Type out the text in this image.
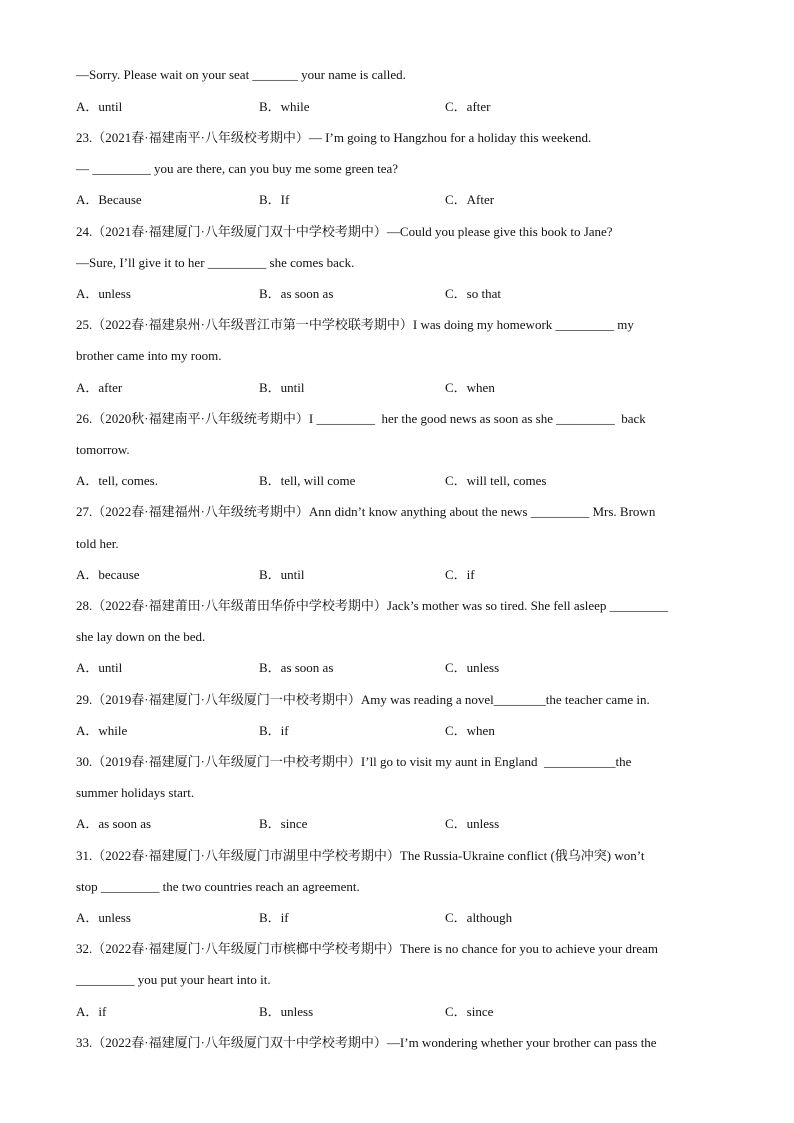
—Sorry. Please wait on your seat _______ your name is called.
A．until	B．while	C．after
23.（2021春·福建南平·八年级校考期中）— I’m going to Hangzhou for a holiday this weekend.
— _________ you are there, can you buy me some green tea?
A．Because	B．If	C．After
24.（2021春·福建厦门·八年级厦门双十中学校考期中）—Could you please give this book to Jane?
—Sure, I’ll give it to her _________ she comes back.
A．unless	B．as soon as	C．so that
25.（2022春·福建泉州·八年级晋江市第一中学校联考期中）I was doing my homework _________ my
brother came into my room.
A．after	B．until	C．when
26.（2020秋·福建南平·八年级统考期中）I _________  her the good news as soon as she _________  back
tomorrow.
A．tell, comes.	B．tell, will come	C．will tell, comes
27.（2022春·福建福州·八年级统考期中）Ann didn’t know anything about the news _________ Mrs. Brown
told her.
A．because	B．until	C．if
28.（2022春·福建莆田·八年级莆田华侨中学校考期中）Jack’s mother was so tired. She fell asleep _________
she lay down on the bed.
A．until	B．as soon as	C．unless
29.（2019春·福建厦门·八年级厦门一中校考期中）Amy was reading a novel________the teacher came in.
A．while	B．if	C．when
30.（2019春·福建厦门·八年级厦门一中校考期中）I’ll go to visit my aunt in England  ___________the
summer holidays start.
A．as soon as	B．since	C．unless
31.（2022春·福建厦门·八年级厦门市湖里中学校考期中）The Russia-Ukraine conflict (俄乌冲突) won’t
stop _________ the two countries reach an agreement.
A．unless	B．if	C．although
32.（2022春·福建厦门·八年级厦门市槟榔中学校考期中）There is no chance for you to achieve your dream
_________ you put your heart into it.
A．if	B．unless	C．since
33.（2022春·福建厦门·八年级厦门双十中学校考期中）—I’m wondering whether your brother can pass the
